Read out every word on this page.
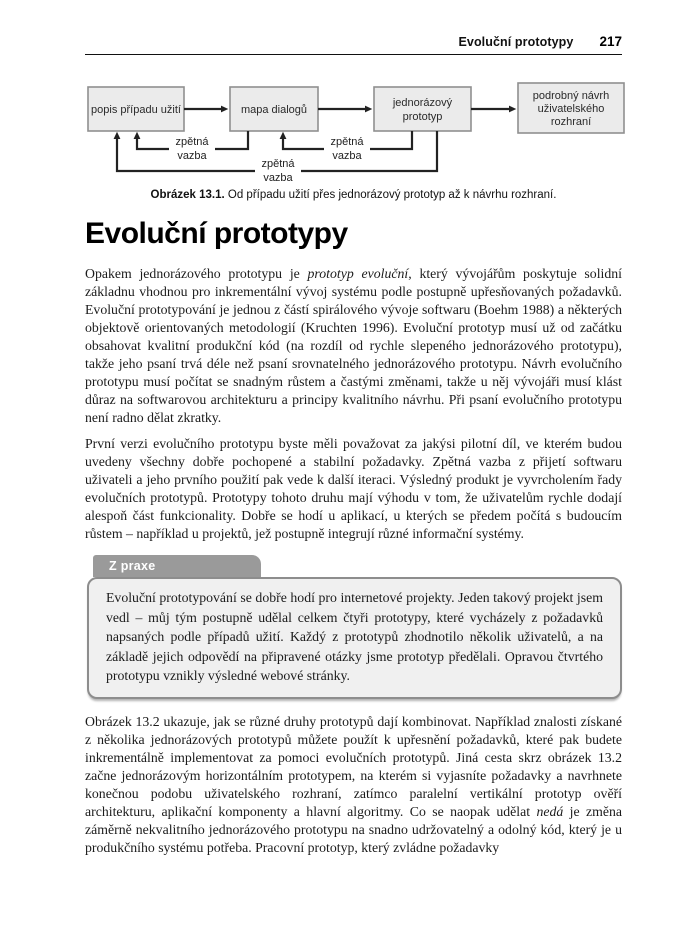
Evoluční prototypy 217
popis případu užití	mapa dialogů
jednorázový
prototyp
podrobný návrh
uživatelského
rozhraní
zpětná
vazba
zpětná
vazba
zpětná
vazba
Obrázek 13.1. Od případu užití přes jednorázový prototyp až k návrhu rozhraní.
Evoluční prototypy

Opakem jednorázového prototypu je prototyp evoluční, který vývojářům poskytuje solidní základnu vhodnou pro inkrementální vývoj systému podle postupně upřesňovaných požadavků. Evoluční prototypování je jednou z částí spirálového vývoje softwaru (Boehm 1988) a některých objektově orientovaných metodologií (Kruchten 1996). Evoluční prototyp musí už od začátku obsahovat kvalitní produkční kód (na rozdíl od rychle slepeného jednorázového prototypu), takže jeho psaní trvá déle než psaní srovnatelného jednorázového prototypu. Návrh evolučního prototypu musí počítat se snadným růstem a častými změnami, takže u něj vývojáři musí klást důraz na softwarovou architekturu a principy kvalitního návrhu. Při psaní evolučního prototypu není radno dělat zkratky.

První verzi evolučního prototypu byste měli považovat za jakýsi pilotní díl, ve kterém budou uvedeny všechny dobře pochopené a stabilní požadavky. Zpětná vazba z přijetí softwaru uživateli a jeho prvního použití pak vede k další iteraci. Výsledný produkt je vyvrcholením řady evolučních prototypů. Prototypy tohoto druhu mají výhodu v tom, že uživatelům rychle dodají alespoň část funkcionality. Dobře se hodí u aplikací, u kterých se předem počítá s budoucím růstem – například u projektů, jež postupně integrují různé informační systémy.

Z praxe

Evoluční prototypování se dobře hodí pro internetové projekty. Jeden takový projekt jsem vedl – můj tým postupně udělal celkem čtyři prototypy, které vycházely z požadavků napsaných podle případů užití. Každý z prototypů zhodnotilo několik uživatelů, a na základě jejich odpovědí na připravené otázky jsme prototyp předělali. Opravou čtvrtého prototypu vznikly výsledné webové stránky.

Obrázek 13.2 ukazuje, jak se různé druhy prototypů dají kombinovat. Například znalosti získané z několika jednorázových prototypů můžete použít k upřesnění požadavků, které pak budete inkrementálně implementovat za pomoci evolučních prototypů. Jiná cesta skrz obrázek 13.2 začne jednorázovým horizontálním prototypem, na kterém si vyjasníte požadavky a navrhnete konečnou podobu uživatelského rozhraní, zatímco paralelní vertikální prototyp ověří architekturu, aplikační komponenty a hlavní algoritmy. Co se naopak udělat nedá je změna záměrně nekvalitního jednorázového prototypu na snadno udržovatelný a odolný kód, který je u produkčního systému potřeba. Pracovní prototyp, který zvládne požadavky
